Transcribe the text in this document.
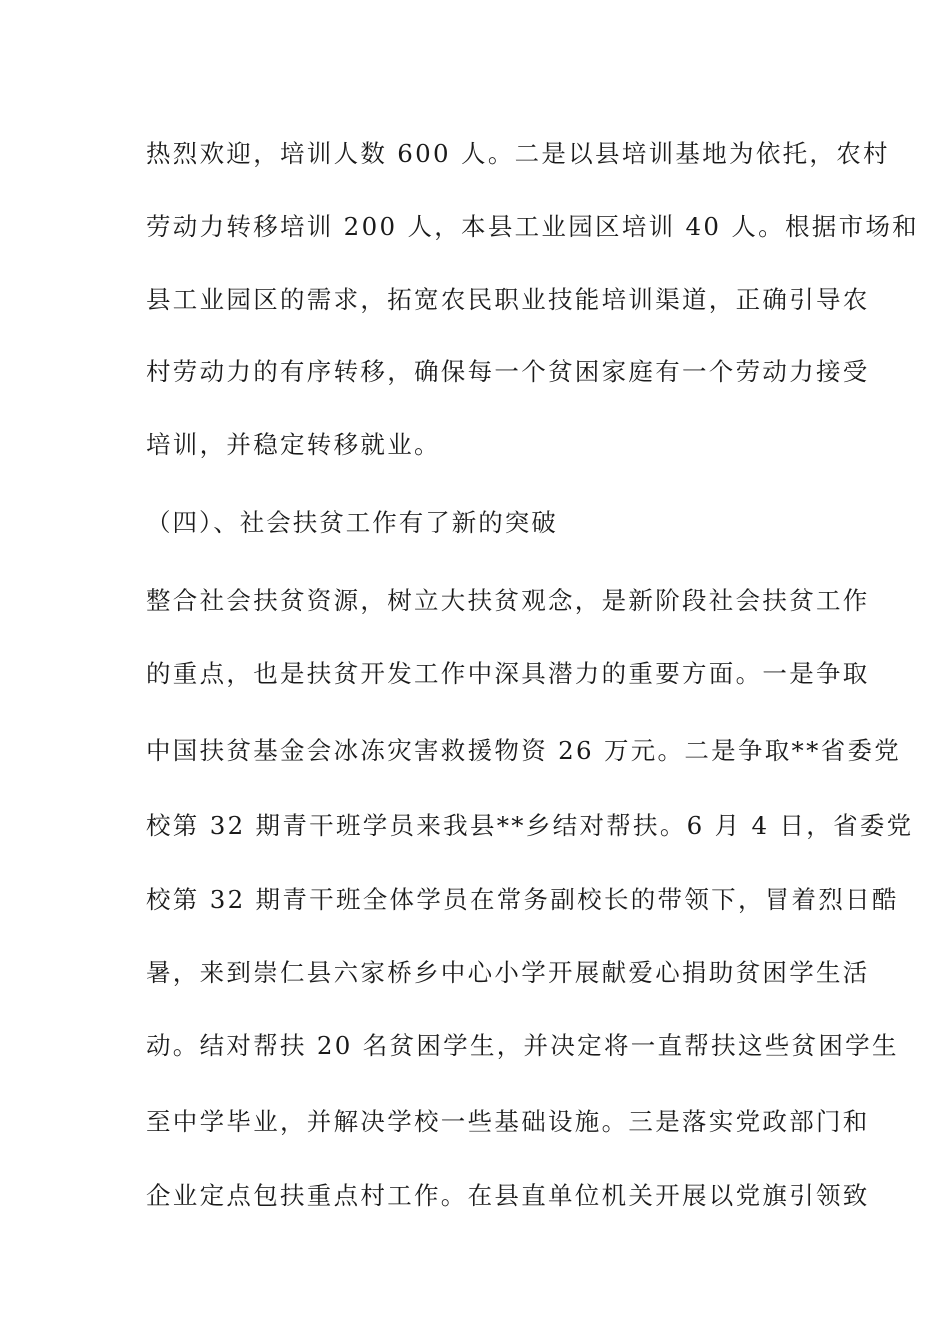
热烈欢迎，培训人数 600 人。二是以县培训基地为依托，农村
劳动力转移培训 200 人，本县工业园区培训 40 人。根据市场和
县工业园区的需求，拓宽农民职业技能培训渠道，正确引导农
村劳动力的有序转移，确保每一个贫困家庭有一个劳动力接受
培训，并稳定转移就业。
（四）、社会扶贫工作有了新的突破
整合社会扶贫资源，树立大扶贫观念，是新阶段社会扶贫工作
的重点，也是扶贫开发工作中深具潜力的重要方面。一是争取
中国扶贫基金会冰冻灾害救援物资 26 万元。二是争取**省委党
校第 32 期青干班学员来我县**乡结对帮扶。6 月 4 日，省委党
校第 32 期青干班全体学员在常务副校长的带领下，冒着烈日酷
暑，来到崇仁县六家桥乡中心小学开展献爱心捐助贫困学生活
动。结对帮扶 20 名贫困学生，并决定将一直帮扶这些贫困学生
至中学毕业，并解决学校一些基础设施。三是落实党政部门和
企业定点包扶重点村工作。在县直单位机关开展以党旗引领致
